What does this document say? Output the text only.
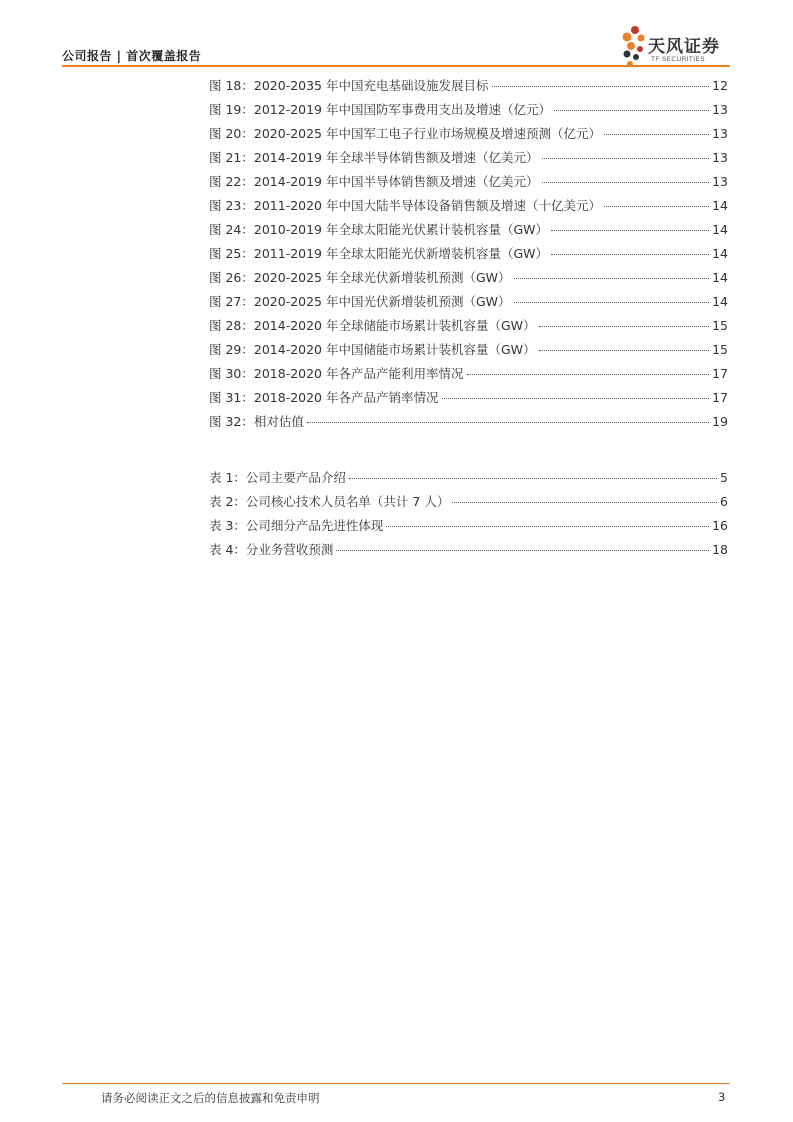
公司报告 | 首次覆盖报告	天风证券
TF SECURITIES
图 18：2020-2035 年中国充电基础设施发展目标	12
图 19：2012-2019 年中国国防军事费用支出及增速（亿元）	13
图 20：2020-2025 年中国军工电子行业市场规模及增速预测（亿元）	13
图 21：2014-2019 年全球半导体销售额及增速（亿美元）	13
图 22：2014-2019 年中国半导体销售额及增速（亿美元）	13
图 23：2011-2020 年中国大陆半导体设备销售额及增速（十亿美元）	14
图 24：2010-2019 年全球太阳能光伏累计装机容量（GW）	14
图 25：2011-2019 年全球太阳能光伏新增装机容量（GW）	14
图 26：2020-2025 年全球光伏新增装机预测（GW）	14
图 27：2020-2025 年中国光伏新增装机预测（GW）	14
图 28：2014-2020 年全球储能市场累计装机容量（GW）	15
图 29：2014-2020 年中国储能市场累计装机容量（GW）	15
图 30：2018-2020 年各产品产能利用率情况	17
图 31：2018-2020 年各产品产销率情况	17
图 32：相对估值	19
表 1：公司主要产品介绍	5
表 2：公司核心技术人员名单（共计 7 人）	6
表 3：公司细分产品先进性体现	16
表 4：分业务营收预测	18
请务必阅读正文之后的信息披露和免责申明	3
